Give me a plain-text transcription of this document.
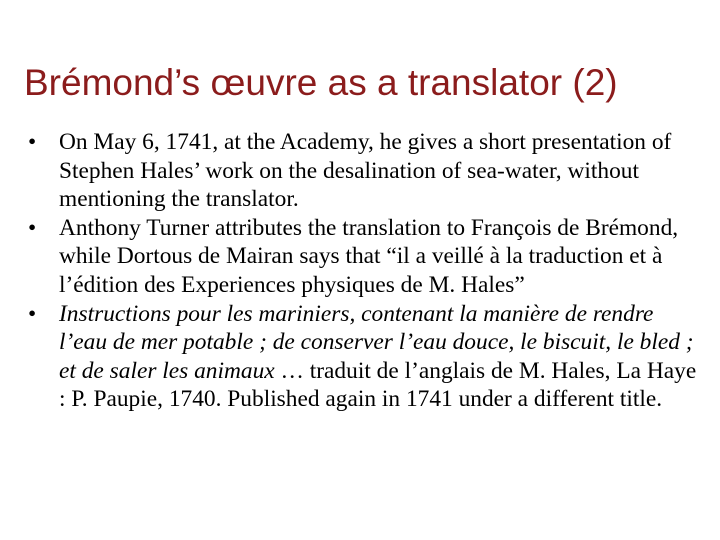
Brémond’s œuvre as a translator (2)
• On May 6, 1741, at the Academy, he gives a short presentation of Stephen Hales’ work on the desalination of sea-water, without mentioning the translator.
• Anthony Turner attributes the translation to François de Brémond, while Dortous de Mairan says that “il a veillé à la traduction et à l’édition des Experiences physiques de M. Hales”
• Instructions pour les mariniers, contenant la manière de rendre l’eau de mer potable ; de conserver l’eau douce, le biscuit, le bled ; et de saler les animaux … traduit de l’anglais de M. Hales, La Haye : P. Paupie, 1740. Published again in 1741 under a different title.
